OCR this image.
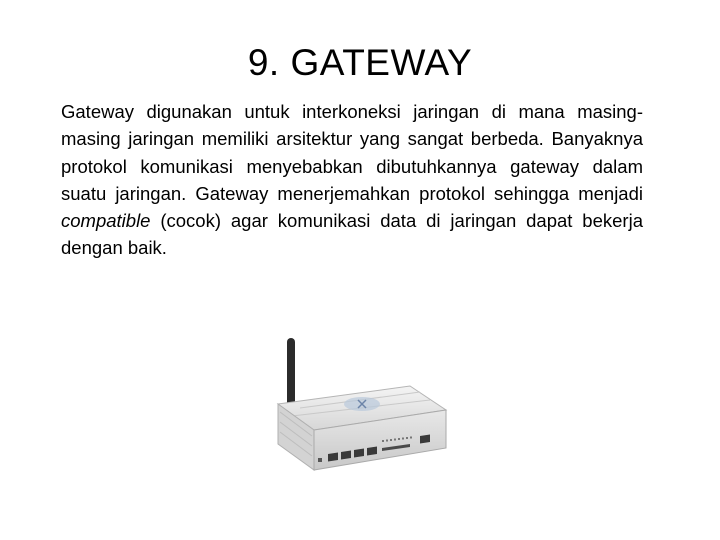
9. GATEWAY
Gateway digunakan untuk interkoneksi jaringan di mana masing-masing jaringan memiliki arsitektur yang sangat berbeda. Banyaknya protokol komunikasi menyebabkan dibutuhkannya gateway dalam suatu jaringan. Gateway menerjemahkan protokol sehingga menjadi compatible (cocok) agar komunikasi data di jaringan dapat bekerja dengan baik.
